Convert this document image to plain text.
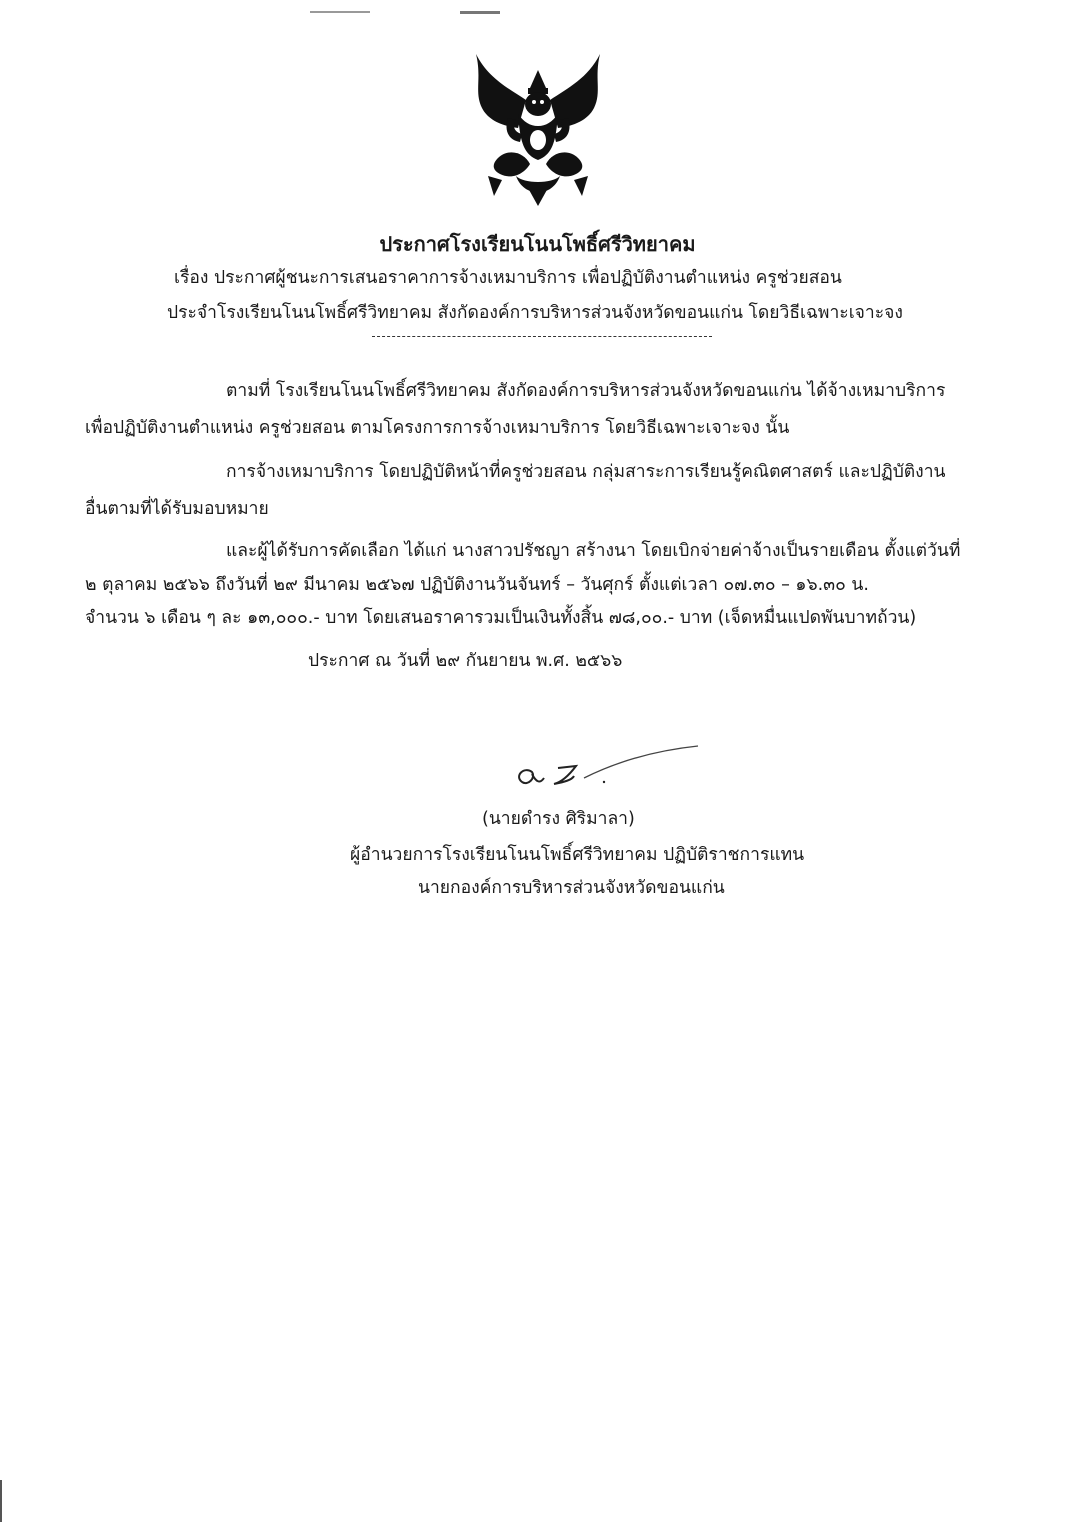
ประกาศโรงเรียนโนนโพธิ์ศรีวิทยาคม
เรื่อง ประกาศผู้ชนะการเสนอราคาการจ้างเหมาบริการ เพื่อปฏิบัติงานตำแหน่ง ครูช่วยสอน
ประจำโรงเรียนโนนโพธิ์ศรีวิทยาคม สังกัดองค์การบริหารส่วนจังหวัดขอนแก่น โดยวิธีเฉพาะเจาะจง
ตามที่ โรงเรียนโนนโพธิ์ศรีวิทยาคม สังกัดองค์การบริหารส่วนจังหวัดขอนแก่น ได้จ้างเหมาบริการ
เพื่อปฏิบัติงานตำแหน่ง ครูช่วยสอน ตามโครงการการจ้างเหมาบริการ โดยวิธีเฉพาะเจาะจง นั้น
การจ้างเหมาบริการ โดยปฏิบัติหน้าที่ครูช่วยสอน กลุ่มสาระการเรียนรู้คณิตศาสตร์ และปฏิบัติงาน
อื่นตามที่ได้รับมอบหมาย
และผู้ได้รับการคัดเลือก ได้แก่ นางสาวปรัชญา สร้างนา โดยเบิกจ่ายค่าจ้างเป็นรายเดือน ตั้งแต่วันที่
๒ ตุลาคม ๒๕๖๖ ถึงวันที่ ๒๙ มีนาคม ๒๕๖๗ ปฏิบัติงานวันจันทร์ – วันศุกร์ ตั้งแต่เวลา ๐๗.๓๐ – ๑๖.๓๐ น.
จำนวน ๖ เดือน ๆ ละ ๑๓,๐๐๐.- บาท โดยเสนอราคารวมเป็นเงินทั้งสิ้น ๗๘,๐๐.- บาท (เจ็ดหมื่นแปดพันบาทถ้วน)
ประกาศ ณ วันที่ ๒๙ กันยายน พ.ศ. ๒๕๖๖
(นายดำรง ศิริมาลา)
ผู้อำนวยการโรงเรียนโนนโพธิ์ศรีวิทยาคม ปฏิบัติราชการแทน
นายกองค์การบริหารส่วนจังหวัดขอนแก่น
